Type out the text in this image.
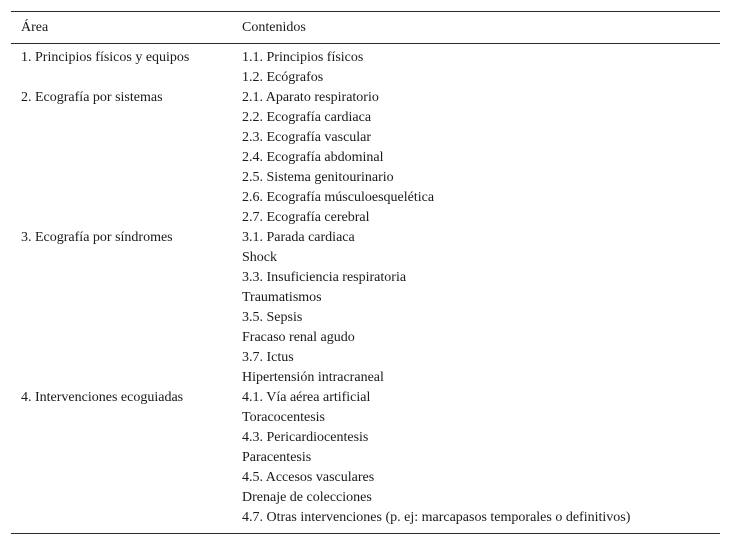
Área	Contenidos
1. Principios físicos y equipos	1.1. Principios físicos
1.2. Ecógrafos
2. Ecografía por sistemas	2.1. Aparato respiratorio
2.2. Ecografía cardiaca
2.3. Ecografía vascular
2.4. Ecografía abdominal
2.5. Sistema genitourinario
2.6. Ecografía músculoesquelética
2.7. Ecografía cerebral
3. Ecografía por síndromes	3.1. Parada cardiaca
Shock
3.3. Insuficiencia respiratoria
Traumatismos
3.5. Sepsis
Fracaso renal agudo
3.7. Ictus
Hipertensión intracraneal
4. Intervenciones ecoguiadas	4.1. Vía aérea artificial
Toracocentesis
4.3. Pericardiocentesis
Paracentesis
4.5. Accesos vasculares
Drenaje de colecciones
4.7. Otras intervenciones (p. ej: marcapasos temporales o definitivos)
